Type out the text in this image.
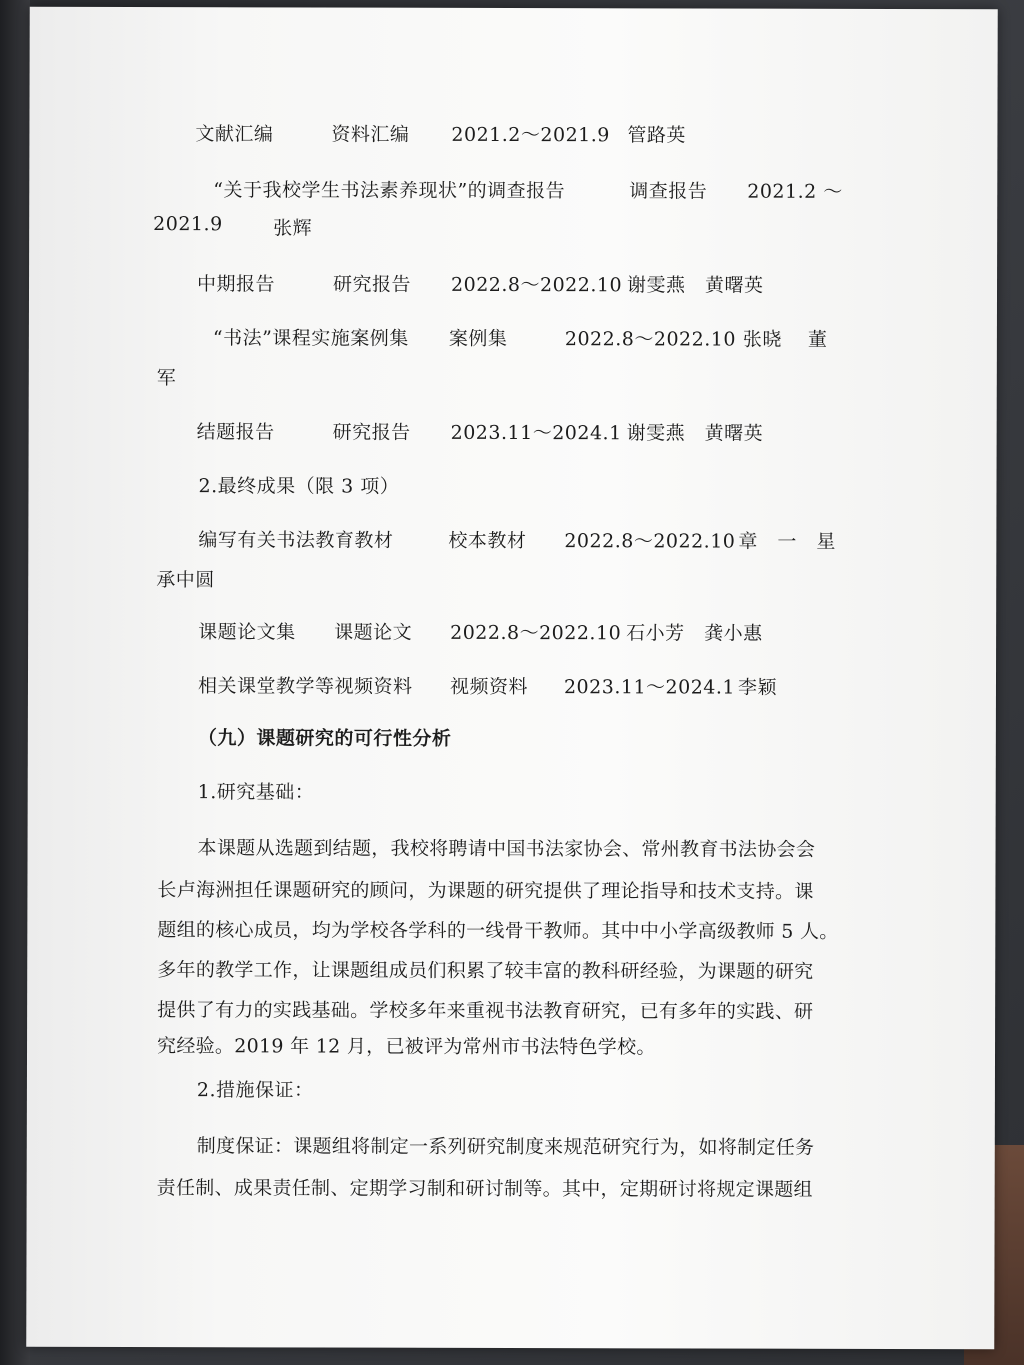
文献汇编	资料汇编 2021.2～2021.9 管路英
“关于我校学生书法素养现状”的调查报告	调查报告 2021.2 ～
2021.9	张辉
中期报告	研究报告 2022.8～2022.10 谢雯燕　黄曙英
“书法”课程实施案例集 案例集	2022.8～2022.10 张晓　 董
军
结题报告	研究报告 2023.11～2024.1 谢雯燕　黄曙英
2.最终成果（限 3 项）
编写有关书法教育教材	校本教材 2022.8～2022.10 章　一　星
承中圆
课题论文集 课题论文 2022.8～2022.10 石小芳　龚小惠
相关课堂教学等视频资料 视频资料 2023.11～2024.1 李颖
（九）课题研究的可行性分析
1.研究基础：
本课题从选题到结题，我校将聘请中国书法家协会、常州教育书法协会会
长卢海洲担任课题研究的顾问，为课题的研究提供了理论指导和技术支持。课
题组的核心成员，均为学校各学科的一线骨干教师。其中中小学高级教师 5 人。
多年的教学工作，让课题组成员们积累了较丰富的教科研经验，为课题的研究
提供了有力的实践基础。学校多年来重视书法教育研究，已有多年的实践、研
究经验。2019 年 12 月，已被评为常州市书法特色学校。
2.措施保证：
制度保证：课题组将制定一系列研究制度来规范研究行为，如将制定任务
责任制、成果责任制、定期学习制和研讨制等。其中，定期研讨将规定课题组
